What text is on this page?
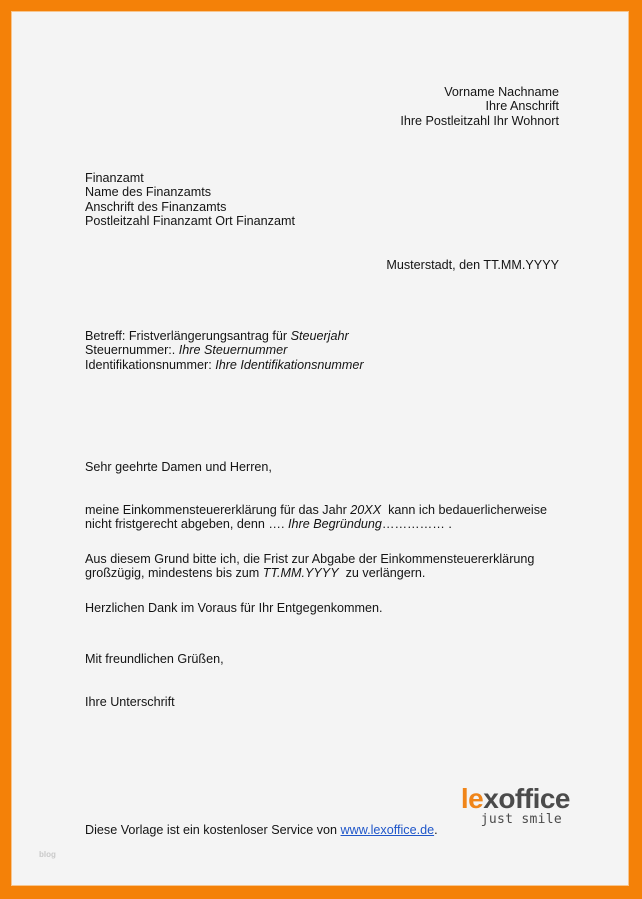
Vorname Nachname
Ihre Anschrift
Ihre Postleitzahl Ihr Wohnort
Finanzamt
Name des Finanzamts
Anschrift des Finanzamts
Postleitzahl Finanzamt Ort Finanzamt
Musterstadt, den TT.MM.YYYY
Betreff: Fristverlängerungsantrag für Steuerjahr
Steuernummer:. Ihre Steuernummer
Identifikationsnummer: Ihre Identifikationsnummer
Sehr geehrte Damen und Herren,
meine Einkommensteuererklärung für das Jahr 20XX  kann ich bedauerlicherweise
nicht fristgerecht abgeben, denn …. Ihre Begründung…………… .
Aus diesem Grund bitte ich, die Frist zur Abgabe der Einkommensteuererklärung
großzügig, mindestens bis zum TT.MM.YYYY  zu verlängern.
Herzlichen Dank im Voraus für Ihr Entgegenkommen.
Mit freundlichen Grüßen,
Ihre Unterschrift
lexoffice
just smile
Diese Vorlage ist ein kostenloser Service von www.lexoffice.de.
blog
